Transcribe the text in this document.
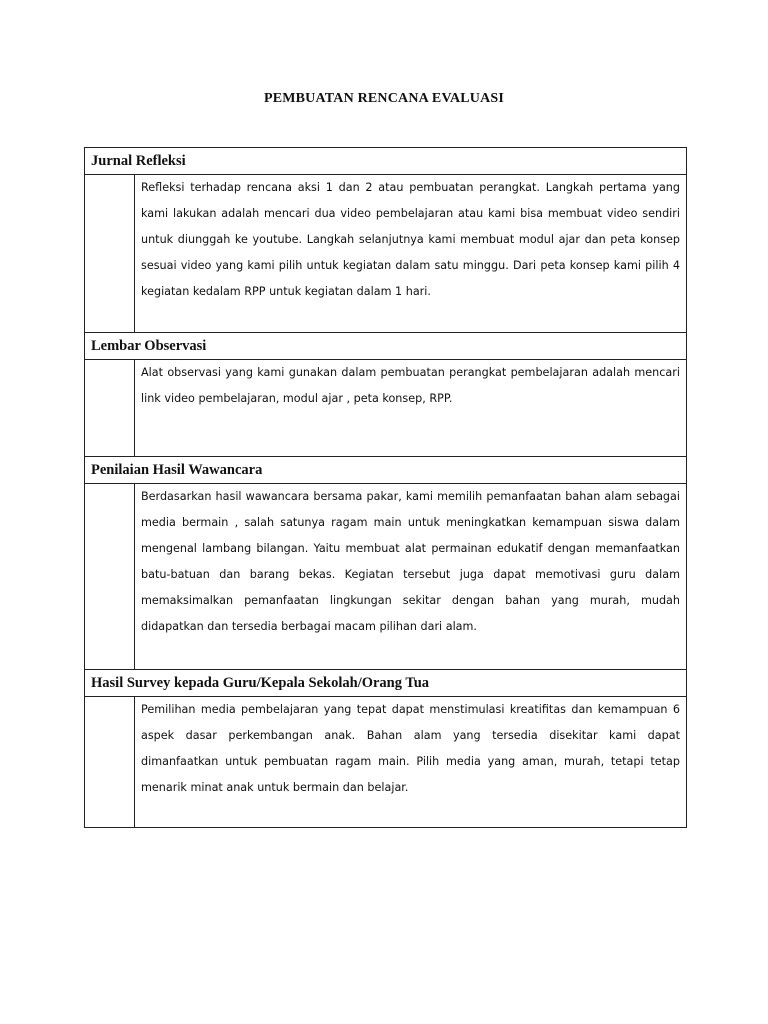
PEMBUATAN RENCANA EVALUASI
Jurnal Refleksi	

	Refleksi terhadap rencana aksi 1 dan 2 atau pembuatan perangkat. Langkah pertama yang kami lakukan adalah mencari dua video pembelajaran atau kami bisa membuat video sendiri untuk diunggah ke youtube. Langkah selanjutnya kami membuat modul ajar dan peta konsep sesuai video yang kami pilih untuk kegiatan dalam satu minggu. Dari peta konsep kami pilih 4 kegiatan kedalam RPP untuk kegiatan dalam 1 hari.

Lembar Observasi	

	Alat observasi yang kami gunakan dalam pembuatan perangkat pembelajaran adalah mencari link video pembelajaran, modul ajar , peta konsep, RPP.

Penilaian Hasil Wawancara	

	Berdasarkan hasil wawancara bersama pakar, kami memilih pemanfaatan bahan alam sebagai media bermain , salah satunya ragam main untuk meningkatkan kemampuan siswa dalam mengenal lambang bilangan. Yaitu membuat alat permainan edukatif dengan memanfaatkan batu-batuan dan barang bekas. Kegiatan tersebut juga dapat memotivasi guru dalam memaksimalkan pemanfaatan lingkungan sekitar dengan bahan yang murah, mudah didapatkan dan tersedia berbagai macam pilihan dari alam.

Hasil Survey kepada Guru/Kepala Sekolah/Orang Tua	

	Pemilihan media pembelajaran yang tepat dapat menstimulasi kreatifitas dan kemampuan 6 aspek dasar perkembangan anak. Bahan alam yang tersedia disekitar kami dapat dimanfaatkan untuk pembuatan ragam main. Pilih media yang aman, murah, tetapi tetap menarik minat anak untuk bermain dan belajar.
